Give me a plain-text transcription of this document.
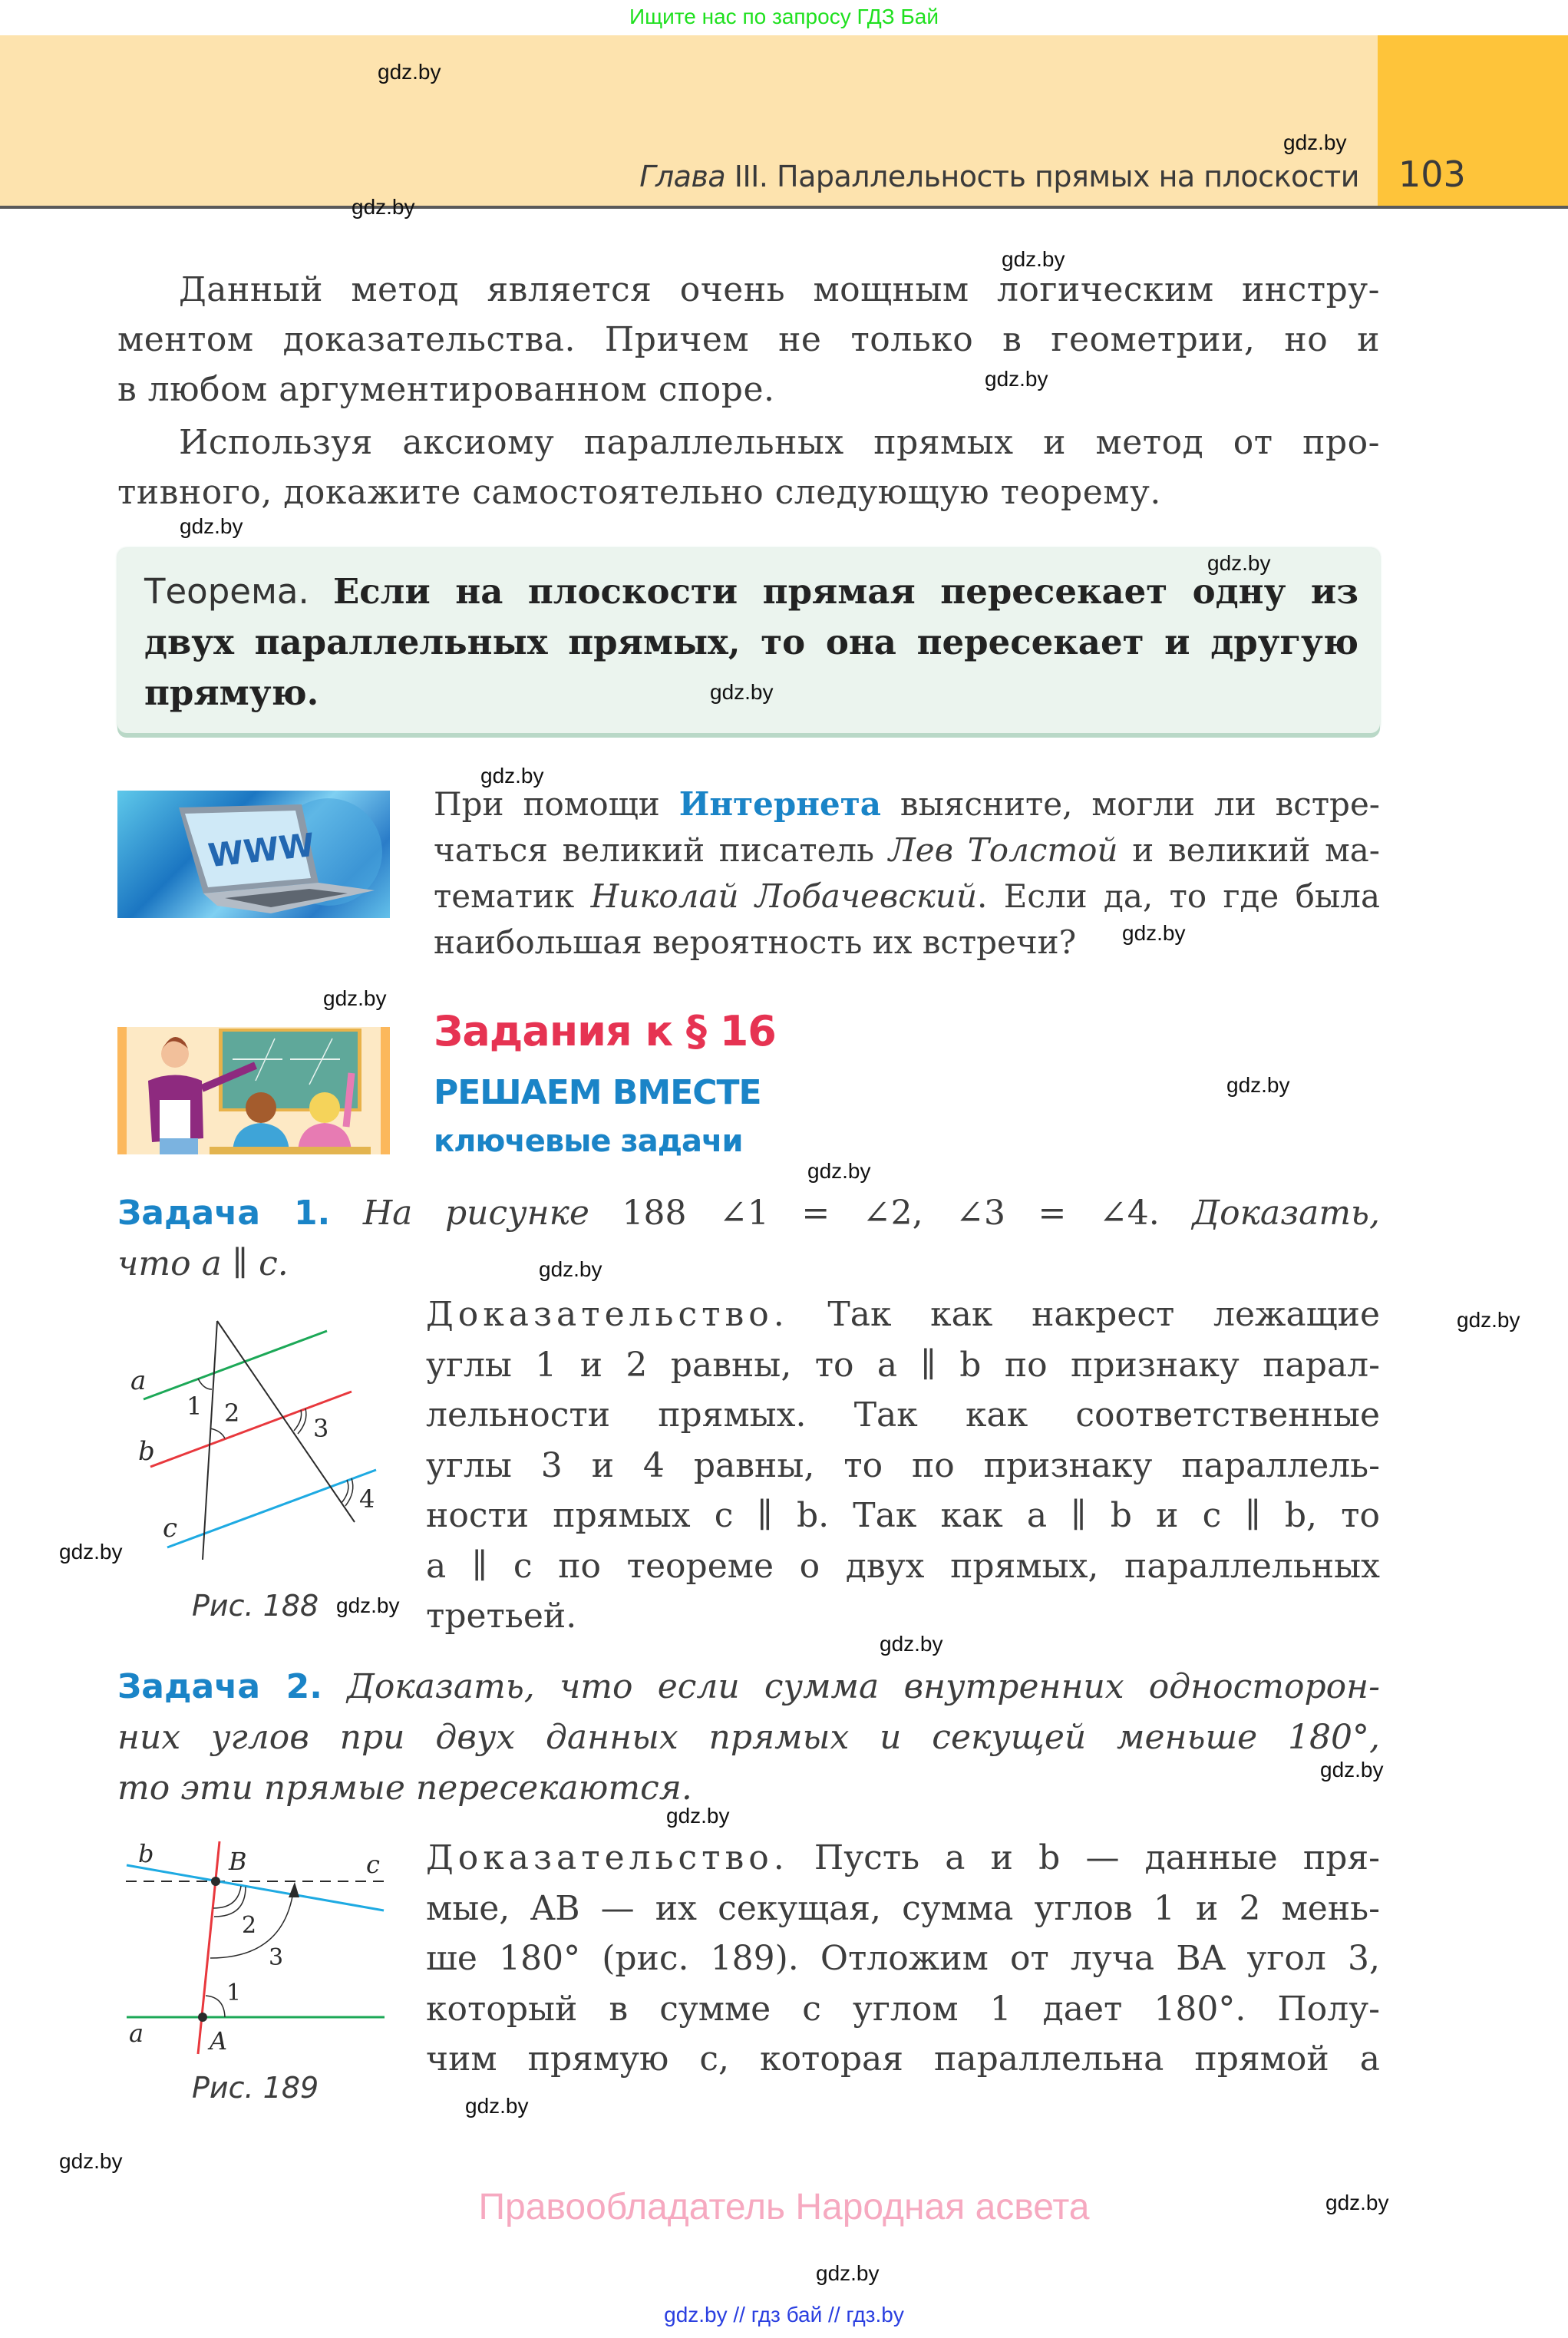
Ищите нас по запросу ГДЗ Бай
Глава III. Параллельность прямых на плоскости 103
Данный метод является очень мощным логическим инстру-
ментом доказательства. Причем не только в геометрии, но и
в любом аргументированном споре.
Используя аксиому параллельных прямых и метод от про-
тивного, докажите самостоятельно следующую теорему.
Теорема. Если на плоскости прямая пересекает одну из
двух параллельных прямых, то она пересекает и другую
прямую.
WWW
При помощи Интернета выясните, могли ли встре-
чаться великий писатель Лев Толстой и великий ма-
тематик Николай Лобачевский. Если да, то где была
наибольшая вероятность их встречи?
Задания к § 16
РЕШАЕМ ВМЕСТЕ
ключевые задачи
Задача 1. На рисунке 188 ∠1 = ∠2, ∠3 = ∠4. Доказать,
что a ∥ c.
a
b
c
1 2
3
4
Рис. 188
Доказательство. Так как накрест лежащие
углы 1 и 2 равны, то a ∥ b по признаку парал-
лельности прямых. Так как соответственные
углы 3 и 4 равны, то по признаку параллель-
ности прямых c ∥ b. Так как a ∥ b и c ∥ b, то
a ∥ c по теореме о двух прямых, параллельных
третьей.
Задача 2. Доказать, что если сумма внутренних односторон-
них углов при двух данных прямых и секущей меньше 180°,
то эти прямые пересекаются.
b	c
a
B
A
2
3
1
Рис. 189
Доказательство. Пусть a и b — данные пря-
мые, AB — их секущая, сумма углов 1 и 2 мень-
ше 180° (рис. 189). Отложим от луча BA угол 3,
который в сумме с углом 1 дает 180°. Полу-
чим прямую c, которая параллельна прямой a
gdz.by
gdz.by
gdz.by
gdz.by
gdz.by
gdz.by
gdz.by
gdz.by
gdz.by
gdz.by
gdz.by
gdz.by
gdz.by
gdz.by
gdz.by
gdz.by
gdz.by
gdz.by
gdz.by
gdz.by
gdz.by
gdz.by
gdz.by
gdz.by
Правообладатель Народная асвета
gdz.by // гдз бай // гдз.by
